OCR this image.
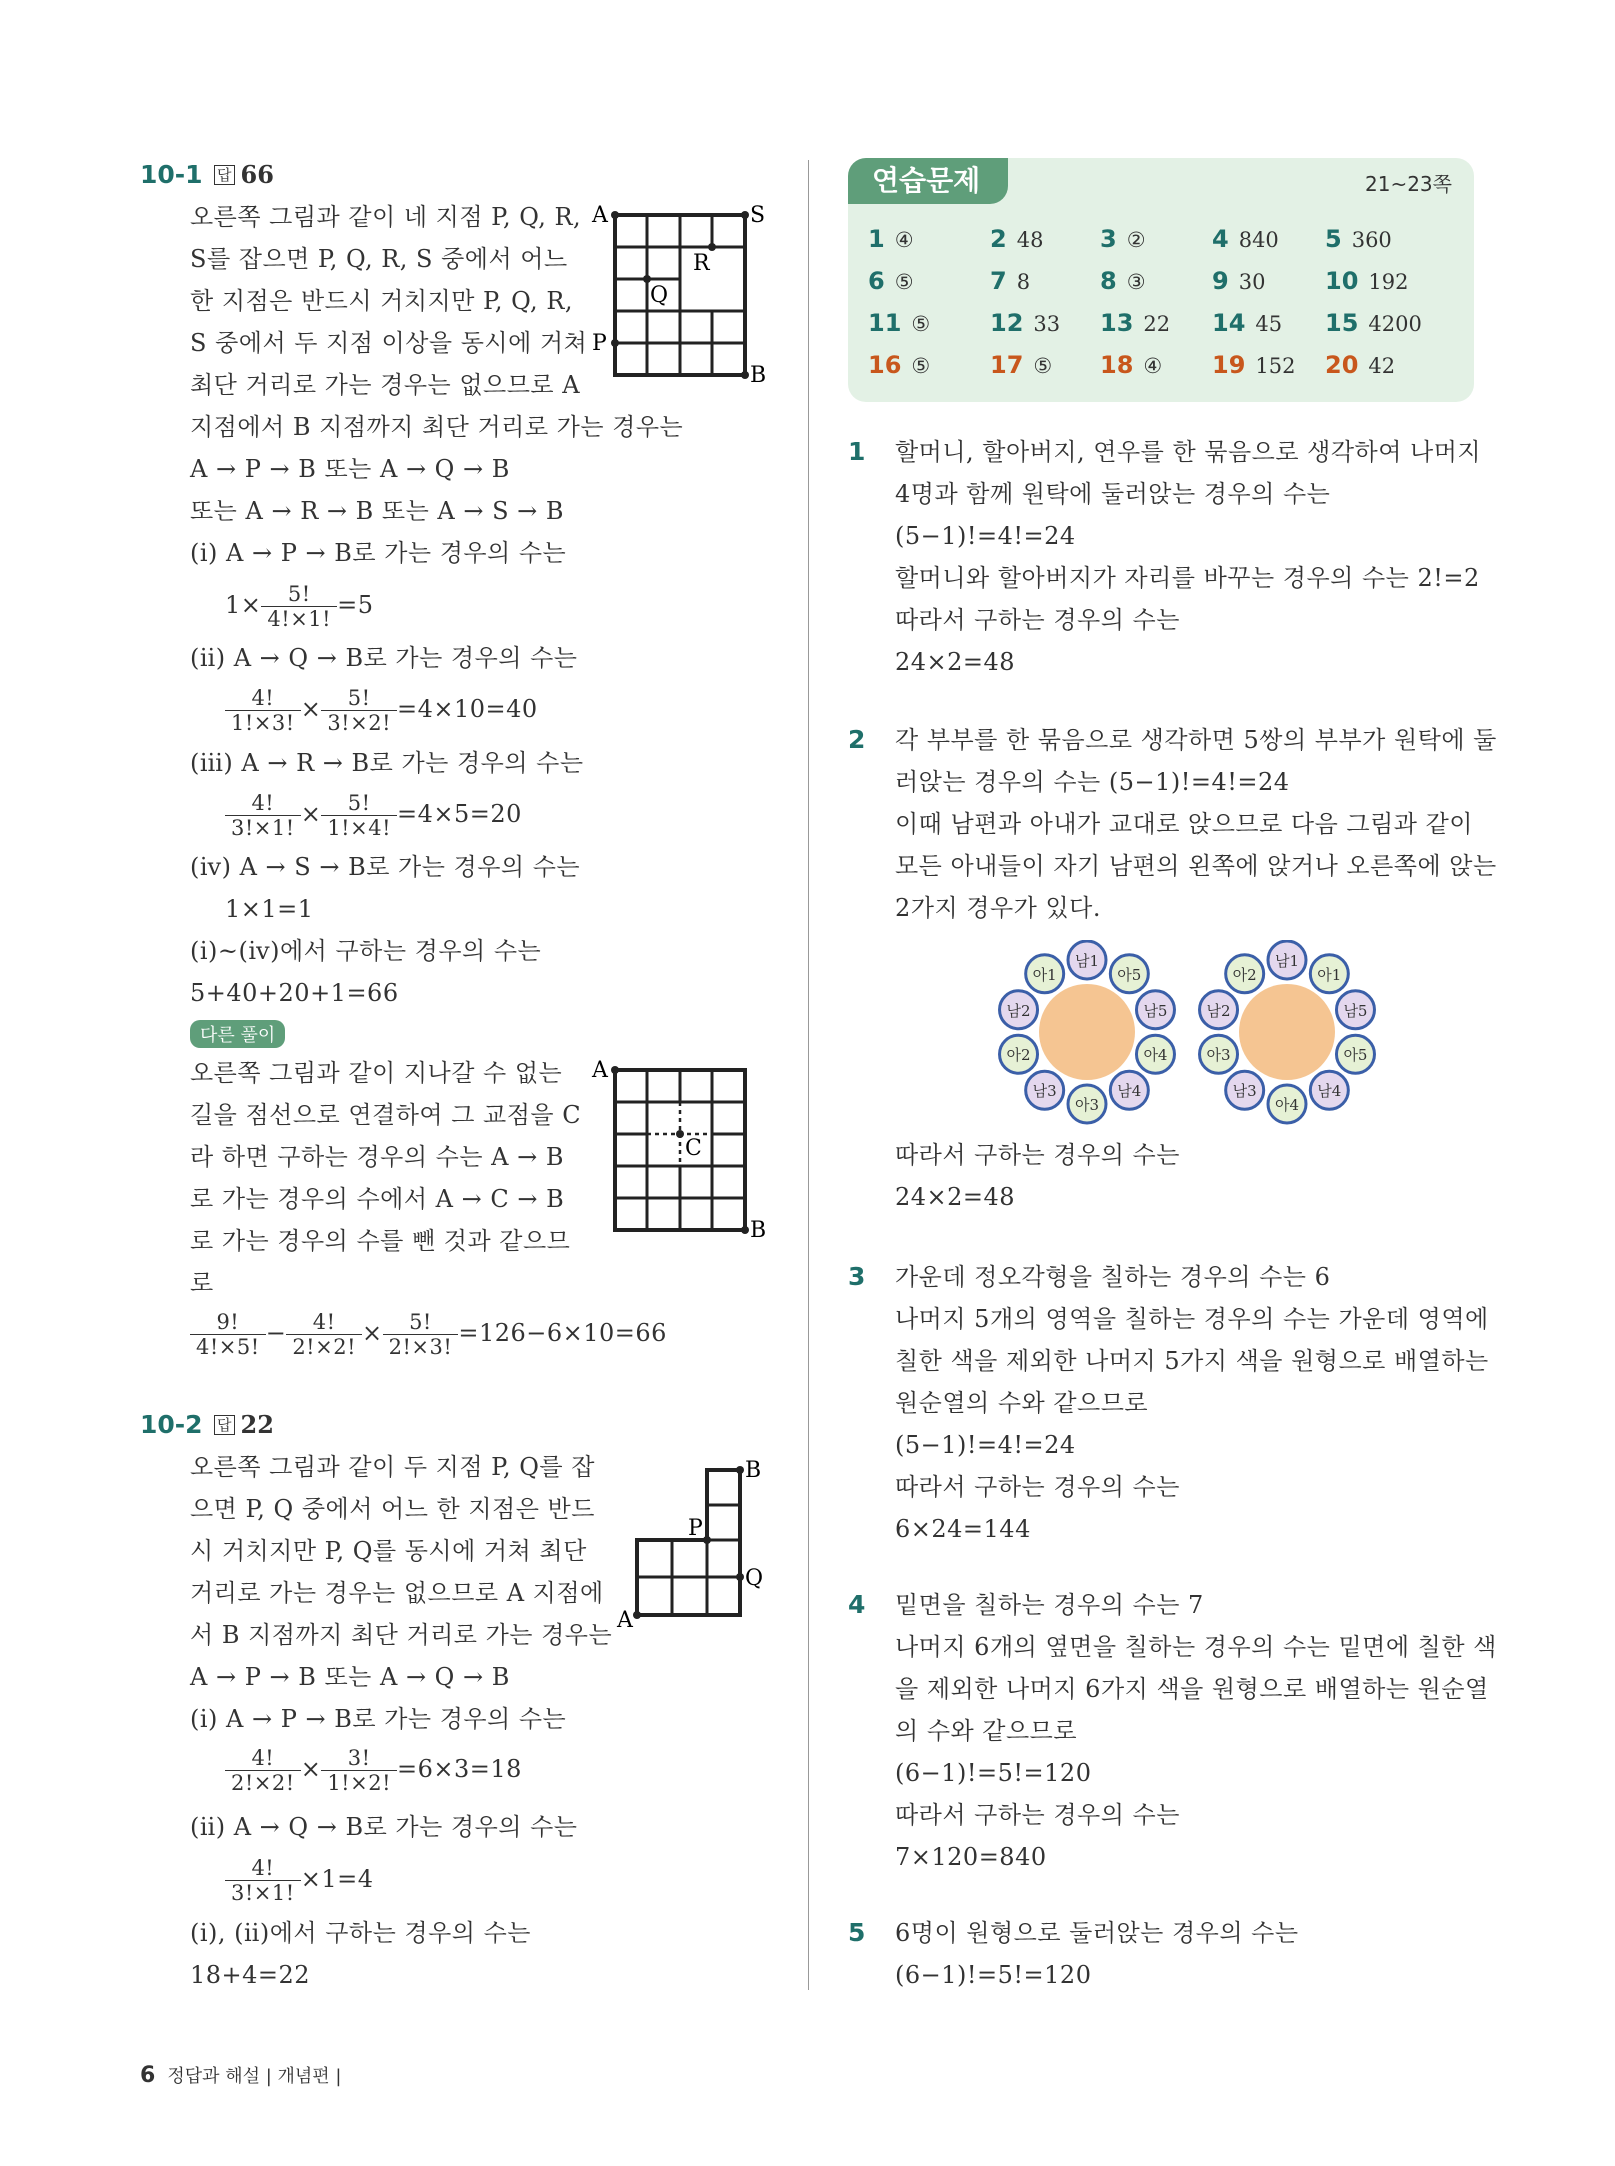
10-1 답 66
오른쪽 그림과 같이 네 지점 P, Q, R,
S를 잡으면 P, Q, R, S 중에서 어느
한 지점은 반드시 거치지만 P, Q, R,
S 중에서 두 지점 이상을 동시에 거쳐
최단 거리로 가는 경우는 없으므로 A
지점에서 B 지점까지 최단 거리로 가는 경우는
A → P → B 또는 A → Q → B
또는 A → R → B 또는 A → S → B
(ⅰ) A → P → B로 가는 경우의 수는
$1\times \frac{5!}{4!\times 1!} =5$
(ⅱ) A → Q → B로 가는 경우의 수는
$\frac{4!}{1!\times 3!} \times \frac{5!}{3!\times 2!} =4\times 10=40$
(ⅲ) A → R → B로 가는 경우의 수는
$\frac{4!}{3!\times 1!} \times \frac{5!}{1!\times 4!} =4\times 5=20$
(ⅳ) A → S → B로 가는 경우의 수는
1×1=1
(ⅰ)~(ⅳ)에서 구하는 경우의 수는
5+40+20+1=66
다른 풀이
오른쪽 그림과 같이 지나갈 수 없는
길을 점선으로 연결하여 그 교점을 C
라 하면 구하는 경우의 수는 A → B
로 가는 경우의 수에서 A → C → B
로 가는 경우의 수를 뺀 것과 같으므
로
$\frac{9!}{4!\times 5!} - \frac{4!}{2!\times 2!} \times \frac{5!}{2!\times 3!} =126-6\times 10=66$
A	S
R
Q
P
B
A
C
B
10-2 답 22
오른쪽 그림과 같이 두 지점 P, Q를 잡
으면 P, Q 중에서 어느 한 지점은 반드
시 거치지만 P, Q를 동시에 거쳐 최단
거리로 가는 경우는 없으므로 A 지점에
서 B 지점까지 최단 거리로 가는 경우는
A → P → B 또는 A → Q → B
(ⅰ) A → P → B로 가는 경우의 수는
$\frac{4!}{2!\times 2!} \times \frac{3!}{1!\times 2!} =6\times 3=18$
(ⅱ) A → Q → B로 가는 경우의 수는
$\frac{4!}{3!\times 1!} \times 1=4$
(ⅰ), (ⅱ)에서 구하는 경우의 수는
18+4=22
B
P
Q
A
연습문제	21~23쪽
1 ④	2 48 3 ②	4 840 5 360
6 ⑤	7 8	8 ③	9 30 10 192
11 ⑤ 12 33 13 22 14 45 15 4200
16 ⑤ 17 ⑤ 18 ④ 19 152 20 42
1 할머니, 할아버지, 연우를 한 묶음으로 생각하여 나머지
4명과 함께 원탁에 둘러앉는 경우의 수는
(5−1)!=4!=24
할머니와 할아버지가 자리를 바꾸는 경우의 수는 2!=2
따라서 구하는 경우의 수는
24×2=48
2 각 부부를 한 묶음으로 생각하면 5쌍의 부부가 원탁에 둘
러앉는 경우의 수는 (5−1)!=4!=24
이때 남편과 아내가 교대로 앉으므로 다음 그림과 같이
모든 아내들이 자기 남편의 왼쪽에 앉거나 오른쪽에 앉는
2가지 경우가 있다.
남1
아5
남5
아4
남4
아3
남3
아2
남2
아1
남1
아1
남5
아5
남4
아4
남3
아3
남2
아2
따라서 구하는 경우의 수는
24×2=48
3 가운데 정오각형을 칠하는 경우의 수는 6
나머지 5개의 영역을 칠하는 경우의 수는 가운데 영역에
칠한 색을 제외한 나머지 5가지 색을 원형으로 배열하는
원순열의 수와 같으므로
(5−1)!=4!=24
따라서 구하는 경우의 수는
6×24=144
4 밑면을 칠하는 경우의 수는 7
나머지 6개의 옆면을 칠하는 경우의 수는 밑면에 칠한 색
을 제외한 나머지 6가지 색을 원형으로 배열하는 원순열
의 수와 같으므로
(6−1)!=5!=120
따라서 구하는 경우의 수는
7×120=840
5 6명이 원형으로 둘러앉는 경우의 수는
(6−1)!=5!=120
6 정답과 해설 | 개념편 |
